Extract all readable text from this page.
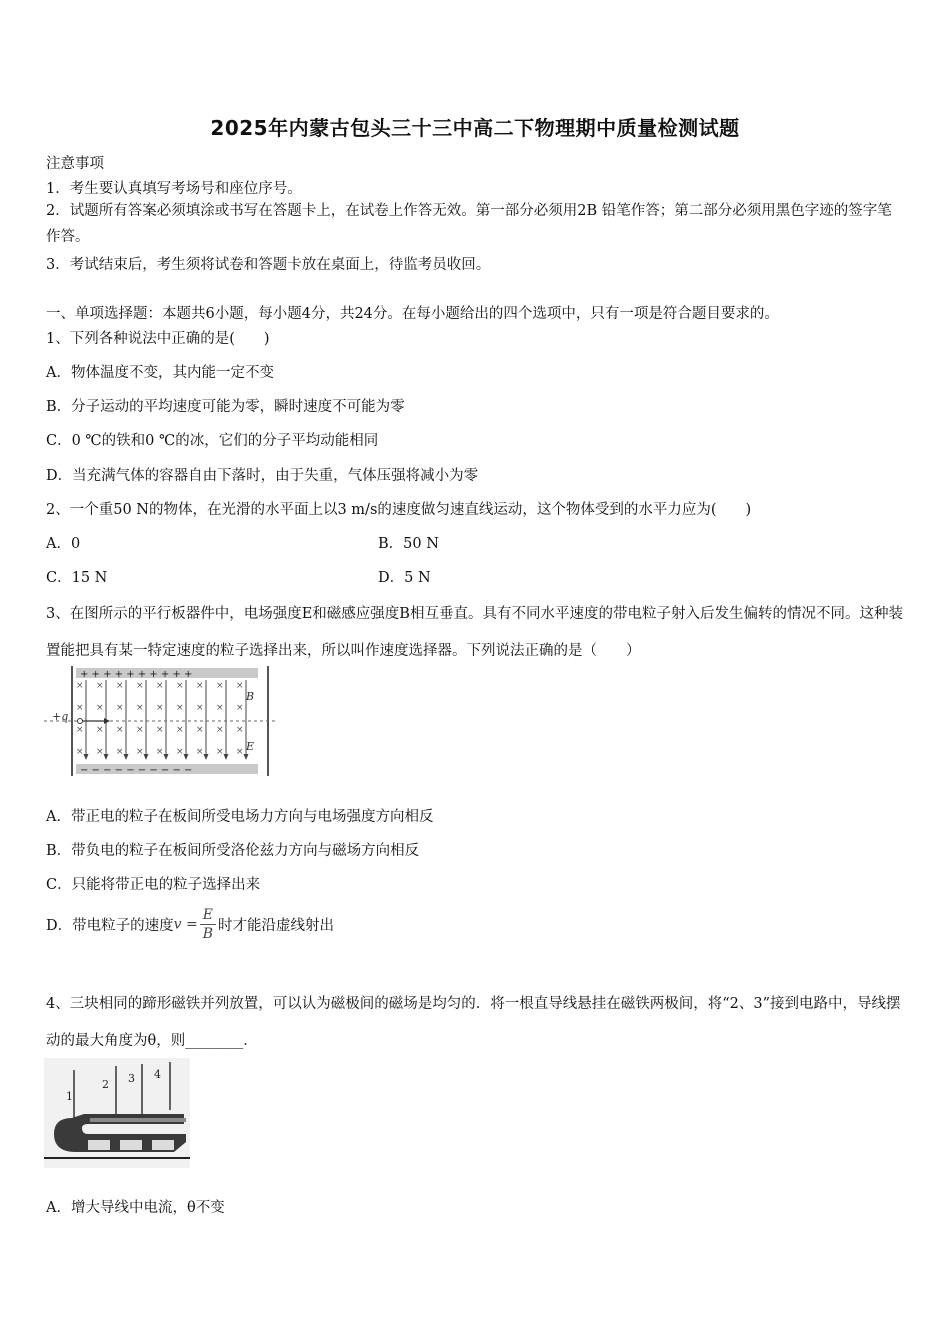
2025年内蒙古包头三十三中高二下物理期中质量检测试题
注意事项
1．考生要认真填写考场号和座位序号。
2．试题所有答案必须填涂或书写在答题卡上，在试卷上作答无效。第一部分必须用2B 铅笔作答；第二部分必须用黑色字迹的签字笔作答。
3．考试结束后，考生须将试卷和答题卡放在桌面上，待监考员收回。
一、单项选择题：本题共6小题，每小题4分，共24分。在每小题给出的四个选项中，只有一项是符合题目要求的。
1、下列各种说法中正确的是(　　)
A．物体温度不变，其内能一定不变
B．分子运动的平均速度可能为零，瞬时速度不可能为零
C．0 ℃的铁和0 ℃的冰，它们的分子平均动能相同
D．当充满气体的容器自由下落时，由于失重，气体压强将减小为零
2、一个重50 N的物体，在光滑的水平面上以3 m/s的速度做匀速直线运动，这个物体受到的水平力应为(　　)
A．0	B．50 N
C．15 N	D．5 N
3、在图所示的平行板器件中，电场强度E和磁感应强度B相互垂直。具有不同水平速度的带电粒子射入后发生偏转的情况不同。这种装置能把具有某一特定速度的粒子选择出来，所以叫作速度选择器。下列说法正确的是（　　）
+ + + + + + + + + +
− − − − − − − − − −
×
×
×
×
×
×
×
×
×
×
×
×
×
×
×
×
×
×
×
×
×
×
×
×
×
×
×
×
×
×
×
×
×
×
×
×
+q
B
E
A．带正电的粒子在板间所受电场力方向与电场强度方向相反
B．带负电的粒子在板间所受洛伦兹力方向与磁场方向相反
C．只能将带正电的粒子选择出来
D．带电粒子的速度$v = \frac{E}{B}$ 时才能沿虚线射出
4、三块相同的蹄形磁铁并列放置，可以认为磁极间的磁场是均匀的．将一根直导线悬挂在磁铁两极间，将“2、3”接到电路中，导线摆动的最大角度为θ，则________．
1
2 3 4
A．增大导线中电流，θ不变
